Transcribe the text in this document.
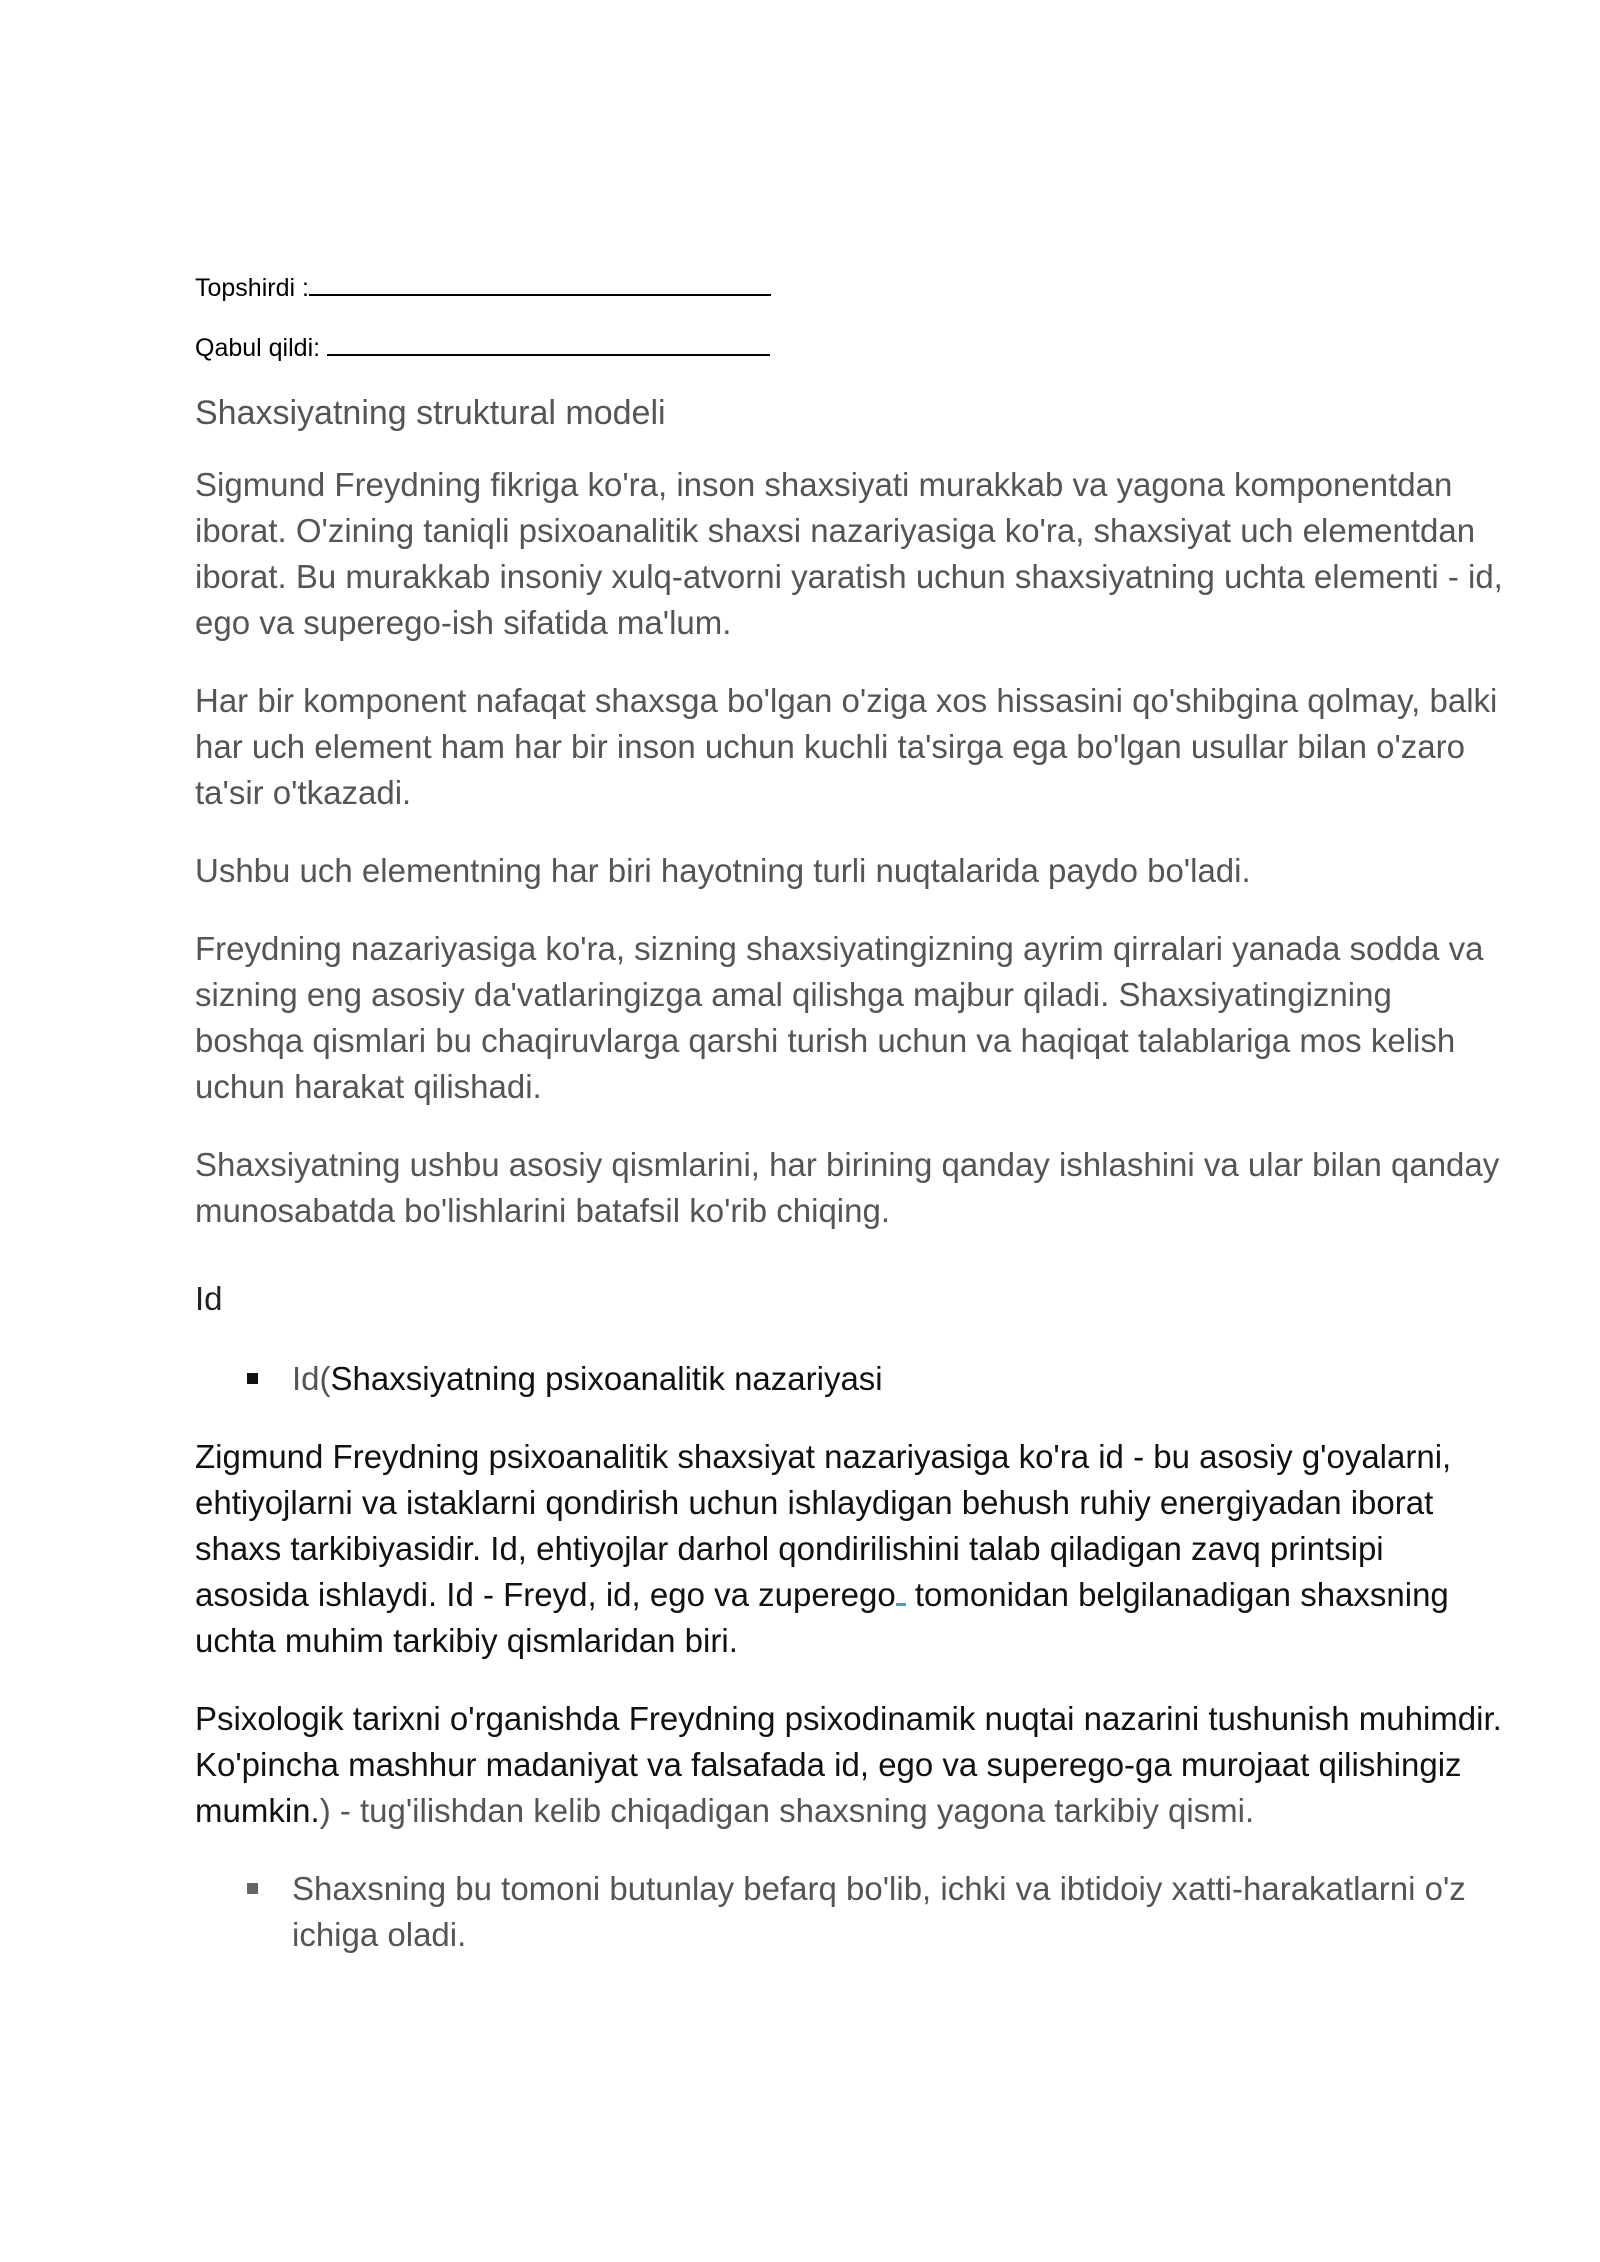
Topshirdi :
Qabul qildi:
Shaxsiyatning struktural modeli

Sigmund Freydning fikriga ko'ra, inson shaxsiyati murakkab va yagona komponentdan iborat. O'zining taniqli psixoanalitik shaxsi nazariyasiga ko'ra, shaxsiyat uch elementdan iborat. Bu murakkab insoniy xulq-atvorni yaratish uchun shaxsiyatning uchta elementi - id, ego va superego-ish sifatida ma'lum.

Har bir komponent nafaqat shaxsga bo'lgan o'ziga xos hissasini qo'shibgina qolmay, balki har uch element ham har bir inson uchun kuchli ta'sirga ega bo'lgan usullar bilan o'zaro ta'sir o'tkazadi.

Ushbu uch elementning har biri hayotning turli nuqtalarida paydo bo'ladi.

Freydning nazariyasiga ko'ra, sizning shaxsiyatingizning ayrim qirralari yanada sodda va sizning eng asosiy da'vatlaringizga amal qilishga majbur qiladi. Shaxsiyatingizning boshqa qismlari bu chaqiruvlarga qarshi turish uchun va haqiqat talablariga mos kelish uchun harakat qilishadi.

Shaxsiyatning ushbu asosiy qismlarini, har birining qanday ishlashini va ular bilan qanday munosabatda bo'lishlarini batafsil ko'rib chiqing.

Id
Id(Shaxsiyatning psixoanalitik nazariyasi

Zigmund Freydning psixoanalitik shaxsiyat nazariyasiga ko'ra id - bu asosiy g'oyalarni, ehtiyojlarni va istaklarni qondirish uchun ishlaydigan behush ruhiy energiyadan iborat shaxs tarkibiyasidir. Id, ehtiyojlar darhol qondirilishini talab qiladigan zavq printsipi asosida ishlaydi. Id - Freyd, id, ego va zuperego tomonidan belgilanadigan shaxsning uchta muhim tarkibiy qismlaridan biri.

Psixologik tarixni o'rganishda Freydning psixodinamik nuqtai nazarini tushunish muhimdir. Ko'pincha mashhur madaniyat va falsafada id, ego va superego-ga murojaat qilishingiz mumkin.) - tug'ilishdan kelib chiqadigan shaxsning yagona tarkibiy qismi.

Shaxsning bu tomoni butunlay befarq bo'lib, ichki va ibtidoiy xatti-harakatlarni o'z ichiga oladi.
